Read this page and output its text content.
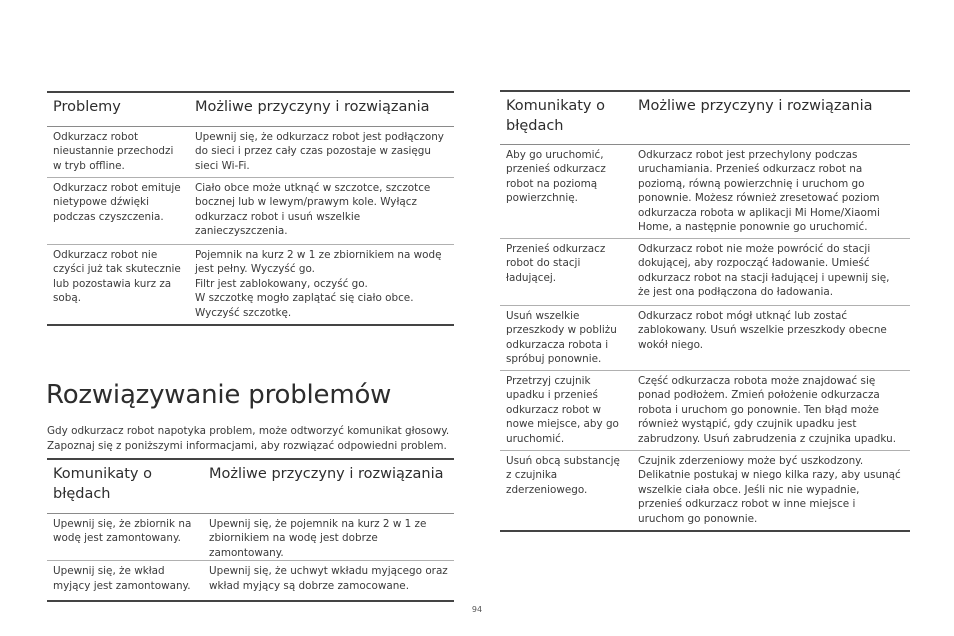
Problemy	Możliwe przyczyny i rozwiązania

Odkurzacz robot nieustannie przechodzi w tryb offline.	Upewnij się, że odkurzacz robot jest podłączony do sieci i przez cały czas pozostaje w zasięgu sieci Wi-Fi.

Odkurzacz robot emituje nietypowe dźwięki podczas czyszczenia.	Ciało obce może utknąć w szczotce, szczotce bocznej lub w lewym/prawym kole. Wyłącz odkurzacz robot i usuń wszelkie zanieczyszczenia.

Odkurzacz robot nie czyści już tak skutecznie lub pozostawia kurz za sobą.	Pojemnik na kurz 2 w 1 ze zbiornikiem na wodę jest pełny. Wyczyść go.
Filtr jest zablokowany, oczyść go.
W szczotkę mogło zaplątać się ciało obce. Wyczyść szczotkę.
Rozwiązywanie problemów

Gdy odkurzacz robot napotyka problem, może odtworzyć komunikat głosowy. Zapoznaj się z poniższymi informacjami, aby rozwiązać odpowiedni problem.

Komunikaty o błędach	Możliwe przyczyny i rozwiązania

Upewnij się, że zbiornik na wodę jest zamontowany.	Upewnij się, że pojemnik na kurz 2 w 1 ze zbiornikiem na wodę jest dobrze zamontowany.

Upewnij się, że wkład myjący jest zamontowany.	Upewnij się, że uchwyt wkładu myjącego oraz wkład myjący są dobrze zamocowane.
Komunikaty o błędach	Możliwe przyczyny i rozwiązania

Aby go uruchomić, przenieś odkurzacz robot na poziomą powierzchnię.	Odkurzacz robot jest przechylony podczas uruchamiania. Przenieś odkurzacz robot na poziomą, równą powierzchnię i uruchom go ponownie. Możesz również zresetować poziom odkurzacza robota w aplikacji Mi Home/Xiaomi Home, a następnie ponownie go uruchomić.

Przenieś odkurzacz robot do stacji ładującej.	Odkurzacz robot nie może powrócić do stacji dokującej, aby rozpocząć ładowanie. Umieść odkurzacz robot na stacji ładującej i upewnij się, że jest ona podłączona do ładowania.

Usuń wszelkie przeszkody w pobliżu odkurzacza robota i spróbuj ponownie.	Odkurzacz robot mógł utknąć lub zostać zablokowany. Usuń wszelkie przeszkody obecne wokół niego.

Przetrzyj czujnik upadku i przenieś odkurzacz robot w nowe miejsce, aby go uruchomić.	Część odkurzacza robota może znajdować się ponad podłożem. Zmień położenie odkurzacza robota i uruchom go ponownie. Ten błąd może również wystąpić, gdy czujnik upadku jest zabrudzony. Usuń zabrudzenia z czujnika upadku.

Usuń obcą substancję z czujnika zderzeniowego.	Czujnik zderzeniowy może być uszkodzony. Delikatnie postukaj w niego kilka razy, aby usunąć wszelkie ciała obce. Jeśli nic nie wypadnie, przenieś odkurzacz robot w inne miejsce i uruchom go ponownie.
94
